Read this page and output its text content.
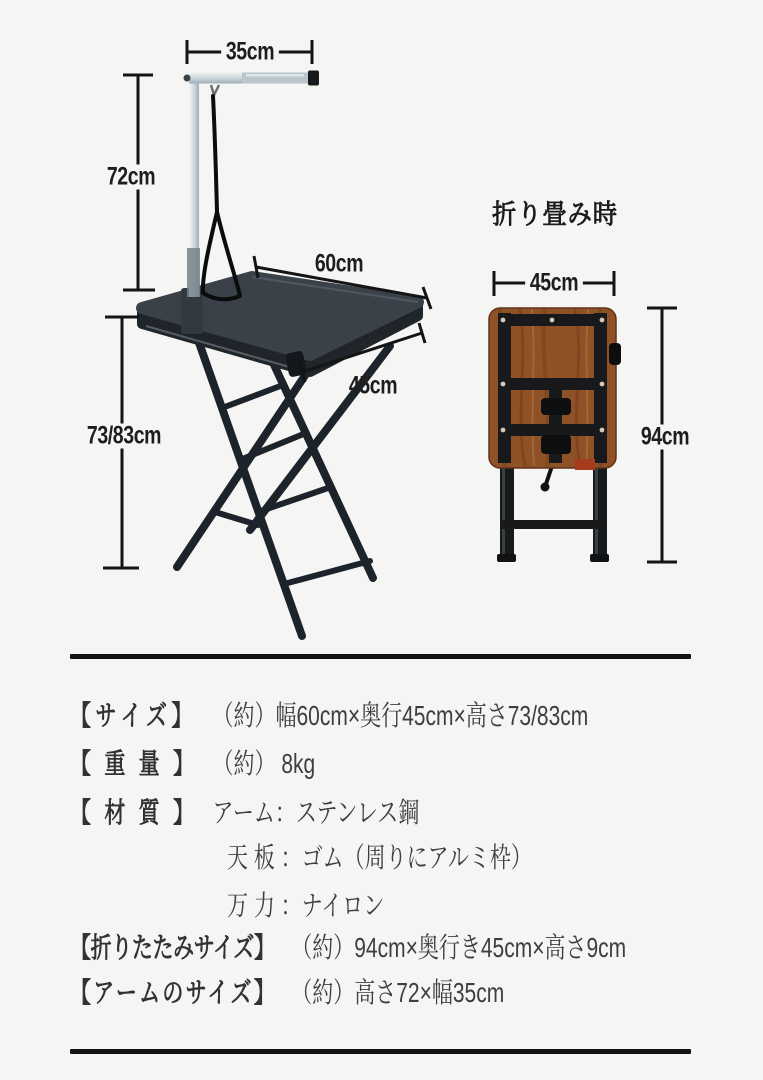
35cm
72cm
60cm
45cm
73/83cm
折り畳み時
45cm
94cm
【 サ イ ズ 】 （約）幅60cm×奥行45cm×高さ73/83cm
【 重 量 】 （約） 8kg
【 材 質 】 アーム：ステンレス鋼
天 板 ：ゴム（周りにアルミ枠）
万 力 ：ナイロン
【折りたたみサイズ】 （約）94cm×奥行き45cm×高さ9cm
【アームのサイズ】 （約）高さ72×幅35cm
